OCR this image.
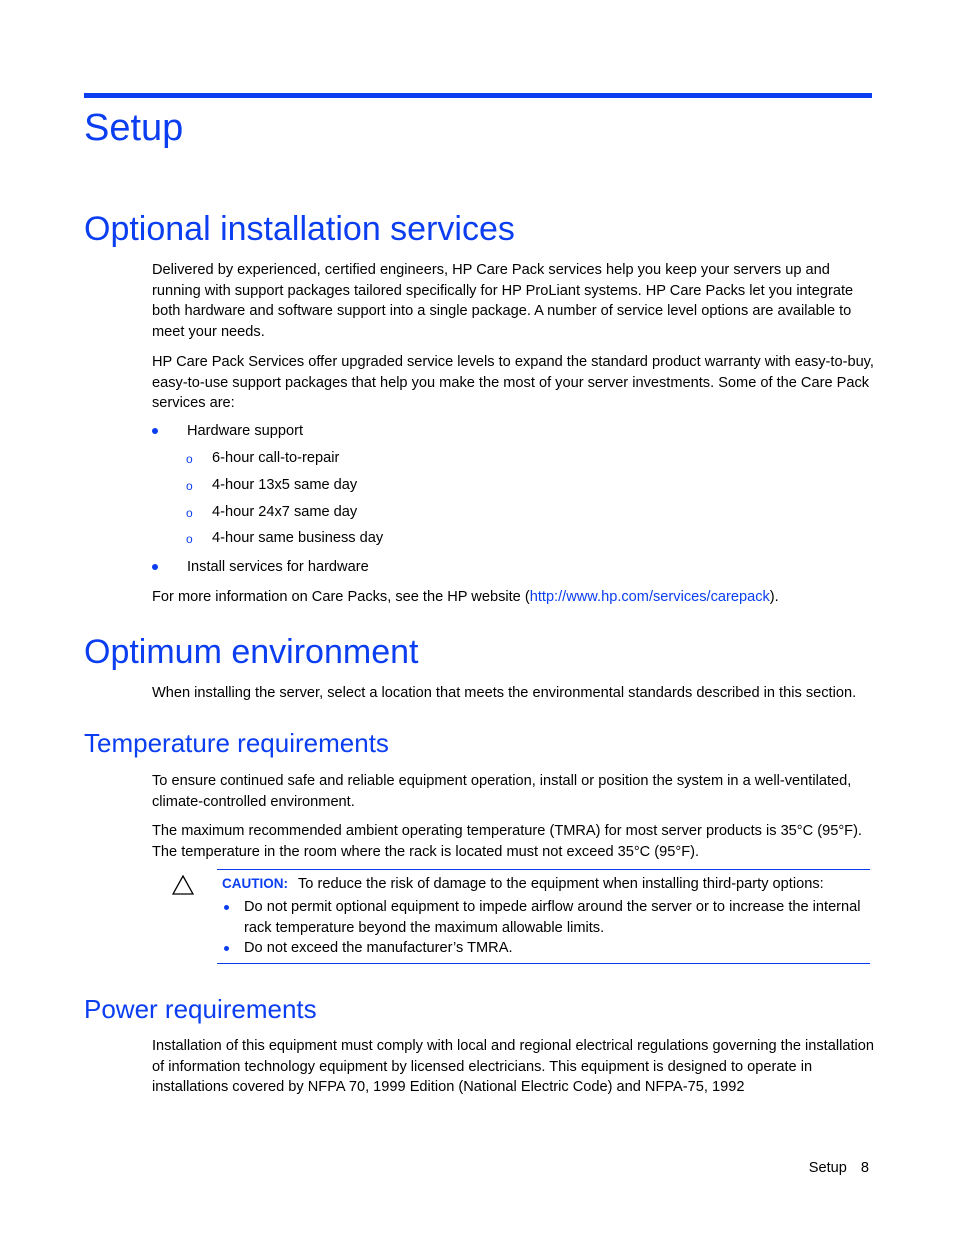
Setup
Optional installation services

Delivered by experienced, certified engineers, HP Care Pack services help you keep your servers up and running with support packages tailored specifically for HP ProLiant systems. HP Care Packs let you integrate both hardware and software support into a single package. A number of service level options are available to meet your needs.

HP Care Pack Services offer upgraded service levels to expand the standard product warranty with easy-to-buy, easy-to-use support packages that help you make the most of your server investments. Some of the Care Pack services are:

Hardware support
o 6-hour call-to-repair
o 4-hour 13x5 same day
o 4-hour 24x7 same day
o 4-hour same business day
Install services for hardware

For more information on Care Packs, see the HP website (http://www.hp.com/services/carepack).

Optimum environment

When installing the server, select a location that meets the environmental standards described in this section.

Temperature requirements

To ensure continued safe and reliable equipment operation, install or position the system in a well-ventilated, climate-controlled environment.

The maximum recommended ambient operating temperature (TMRA) for most server products is 35°C (95°F). The temperature in the room where the rack is located must not exceed 35°C (95°F).

CAUTION: To reduce the risk of damage to the equipment when installing third-party options:
Do not permit optional equipment to impede airflow around the server or to increase the internal rack temperature beyond the maximum allowable limits.
Do not exceed the manufacturer’s TMRA.
Power requirements

Installation of this equipment must comply with local and regional electrical regulations governing the installation of information technology equipment by licensed electricians. This equipment is designed to operate in installations covered by NFPA 70, 1999 Edition (National Electric Code) and NFPA-75, 1992

Setup 8
